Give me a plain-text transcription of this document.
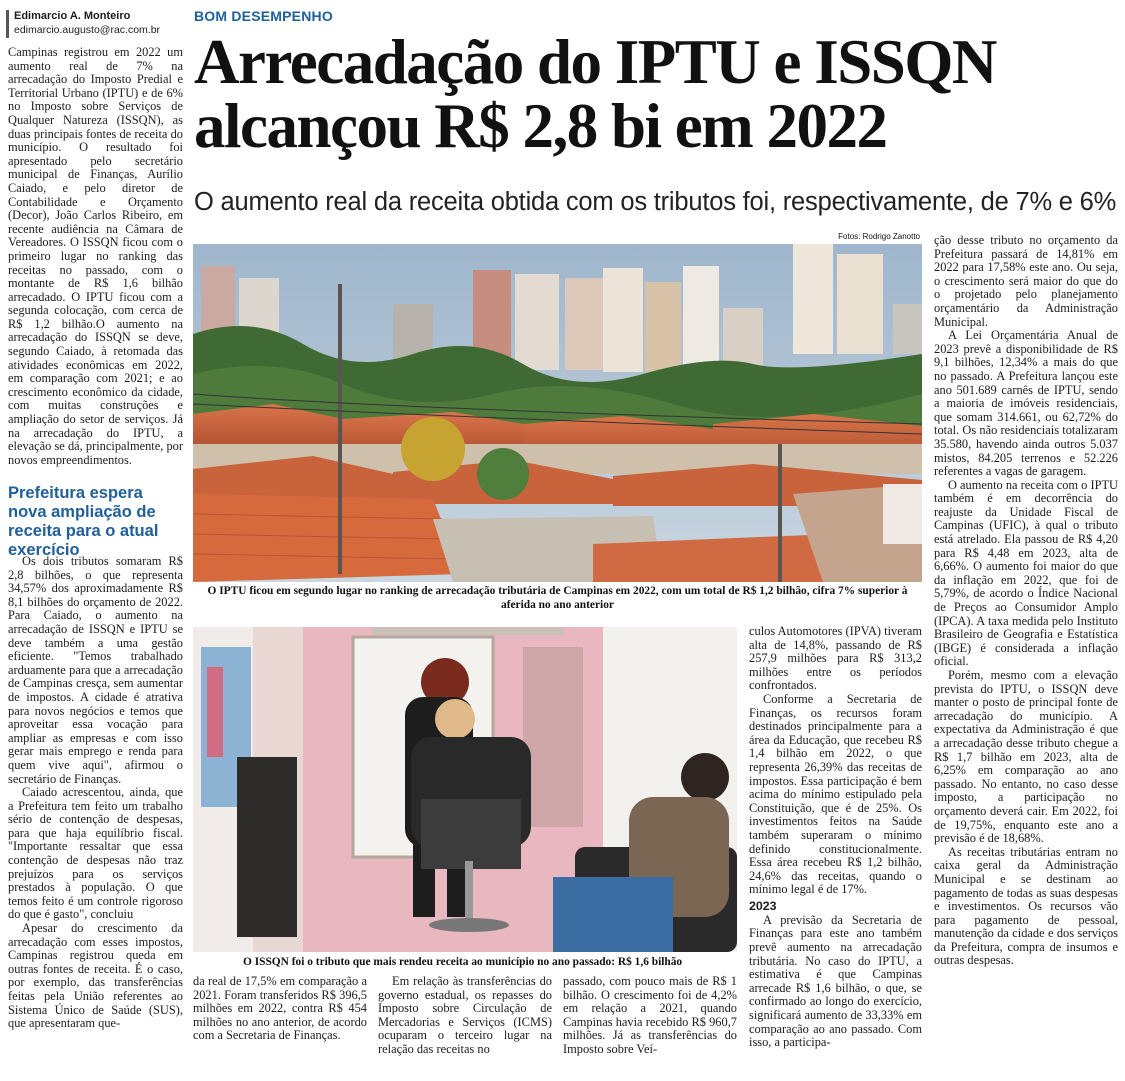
Edimarcio A. Monteiro
edimarcio.augusto@rac.com.br
BOM DESEMPENHO
Arrecadação do IPTU e ISSQN alcançou R$ 2,8 bi em 2022
O aumento real da receita obtida com os tributos foi, respectivamente, de 7% e 6%

Campinas registrou em 2022 um aumento real de 7% na arrecadação do Imposto Predial e Territorial Urbano (IPTU) e de 6% no Imposto sobre Serviços de Qualquer Natureza (ISSQN), as duas principais fontes de receita do município. O resultado foi apresentado pelo secretário municipal de Finanças, Aurílio Caiado, e pelo diretor de Contabilidade e Orçamento (Decor), João Carlos Ribeiro, em recente audiência na Câmara de Vereadores. O ISSQN ficou com o primeiro lugar no ranking das receitas no passado, com o montante de R$ 1,6 bilhão arrecadado. O IPTU ficou com a segunda colocação, com cerca de R$ 1,2 bilhão.O aumento na arrecadação do ISSQN se deve, segundo Caiado, à retomada das atividades econômicas em 2022, em comparação com 2021; e ao crescimento econômico da cidade, com muitas construções e ampliação do setor de serviços. Já na arrecadação do IPTU, a elevação se dá, principalmente, por novos empreendimentos.

Prefeitura espera nova ampliação de receita para o atual exercício

Os dois tributos somaram R$ 2,8 bilhões, o que representa 34,57% dos aproximadamente R$ 8,1 bilhões do orçamento de 2022. Para Caiado, o aumento na arrecadação de ISSQN e IPTU se deve também a uma gestão eficiente. "Temos trabalhado arduamente para que a arrecadação de Campinas cresça, sem aumentar de impostos. A cidade é atrativa para novos negócios e temos que aproveitar essa vocação para ampliar as empresas e com isso gerar mais emprego e renda para quem vive aqui", afirmou o secretário de Finanças.

Caiado acrescentou, ainda, que a Prefeitura tem feito um trabalho sério de contenção de despesas, para que haja equilíbrio fiscal. "Importante ressaltar que essa contenção de despesas não traz prejuízos para os serviços prestados à população. O que temos feito é um controle rigoroso do que é gasto", concluiu

Apesar do crescimento da arrecadação com esses impostos, Campinas registrou queda em outras fontes de receita. É o caso, por exemplo, das transferências feitas pela União referentes ao Sistema Único de Saúde (SUS), que apresentaram que-

Fotos: Rodrigo Zanotto
O IPTU ficou em segundo lugar no ranking de arrecadação tributária de Campinas em 2022, com um total de R$ 1,2 bilhão, cifra 7% superior à aferida no ano anterior
O ISSQN foi o tributo que mais rendeu receita ao município no ano passado: R$ 1,6 bilhão

da real de 17,5% em comparação a 2021. Foram transferidos R$ 396,5 milhões em 2022, contra R$ 454 milhões no ano anterior, de acordo com a Secretaria de Finanças.

Em relação às transferências do governo estadual, os repasses do Imposto sobre Circulação de Mercadorias e Serviços (ICMS) ocuparam o terceiro lugar na relação das receitas no

passado, com pouco mais de R$ 1 bilhão. O crescimento foi de 4,2% em relação a 2021, quando Campinas havia recebido R$ 960,7 milhões. Já as transferências do Imposto sobre Veí-

culos Automotores (IPVA) tiveram alta de 14,8%, passando de R$ 257,9 milhões para R$ 313,2 milhões entre os períodos confrontados.

Conforme a Secretaria de Finanças, os recursos foram destinados principalmente para a área da Educação, que recebeu R$ 1,4 bilhão em 2022, o que representa 26,39% das receitas de impostos. Essa participação é bem acima do mínimo estipulado pela Constituição, que é de 25%. Os investimentos feitos na Saúde também superaram o mínimo definido constitucionalmente. Essa área recebeu R$ 1,2 bilhão, 24,6% das receitas, quando o mínimo legal é de 17%.

2023

A previsão da Secretaria de Finanças para este ano também prevê aumento na arrecadação tributária. No caso do IPTU, a estimativa é que Campinas arrecade R$ 1,6 bilhão, o que, se confirmado ao longo do exercício, significará aumento de 33,33% em comparação ao ano passado. Com isso, a participa-

ção desse tributo no orçamento da Prefeitura passará de 14,81% em 2022 para 17,58% este ano. Ou seja, o crescimento será maior do que do o projetado pelo planejamento orçamentário da Administração Municipal.

A Lei Orçamentária Anual de 2023 prevê a disponibilidade de R$ 9,1 bilhões, 12,34% a mais do que no passado. A Prefeitura lançou este ano 501.689 carnês de IPTU, sendo a maioria de imóveis residenciais, que somam 314.661, ou 62,72% do total. Os não residenciais totalizaram 35.580, havendo ainda outros 5.037 mistos, 84.205 terrenos e 52.226 referentes a vagas de garagem.

O aumento na receita com o IPTU também é em decorrência do reajuste da Unidade Fiscal de Campinas (UFIC), à qual o tributo está atrelado. Ela passou de R$ 4,20 para R$ 4,48 em 2023, alta de 6,66%. O aumento foi maior do que da inflação em 2022, que foi de 5,79%, de acordo o Índice Nacional de Preços ao Consumidor Amplo (IPCA). A taxa medida pelo Instituto Brasileiro de Geografia e Estatística (IBGE) é considerada a inflação oficial.

Porém, mesmo com a elevação prevista do IPTU, o ISSQN deve manter o posto de principal fonte de arrecadação do município. A expectativa da Administração é que a arrecadação desse tributo chegue a R$ 1,7 bilhão em 2023, alta de 6,25% em comparação ao ano passado. No entanto, no caso desse imposto, a participação no orçamento deverá cair. Em 2022, foi de 19,75%, enquanto este ano a previsão é de 18,68%.

As receitas tributárias entram no caixa geral da Administração Municipal e se destinam ao pagamento de todas as suas despesas e investimentos. Os recursos vão para pagamento de pessoal, manutenção da cidade e dos serviços da Prefeitura, compra de insumos e outras despesas.
